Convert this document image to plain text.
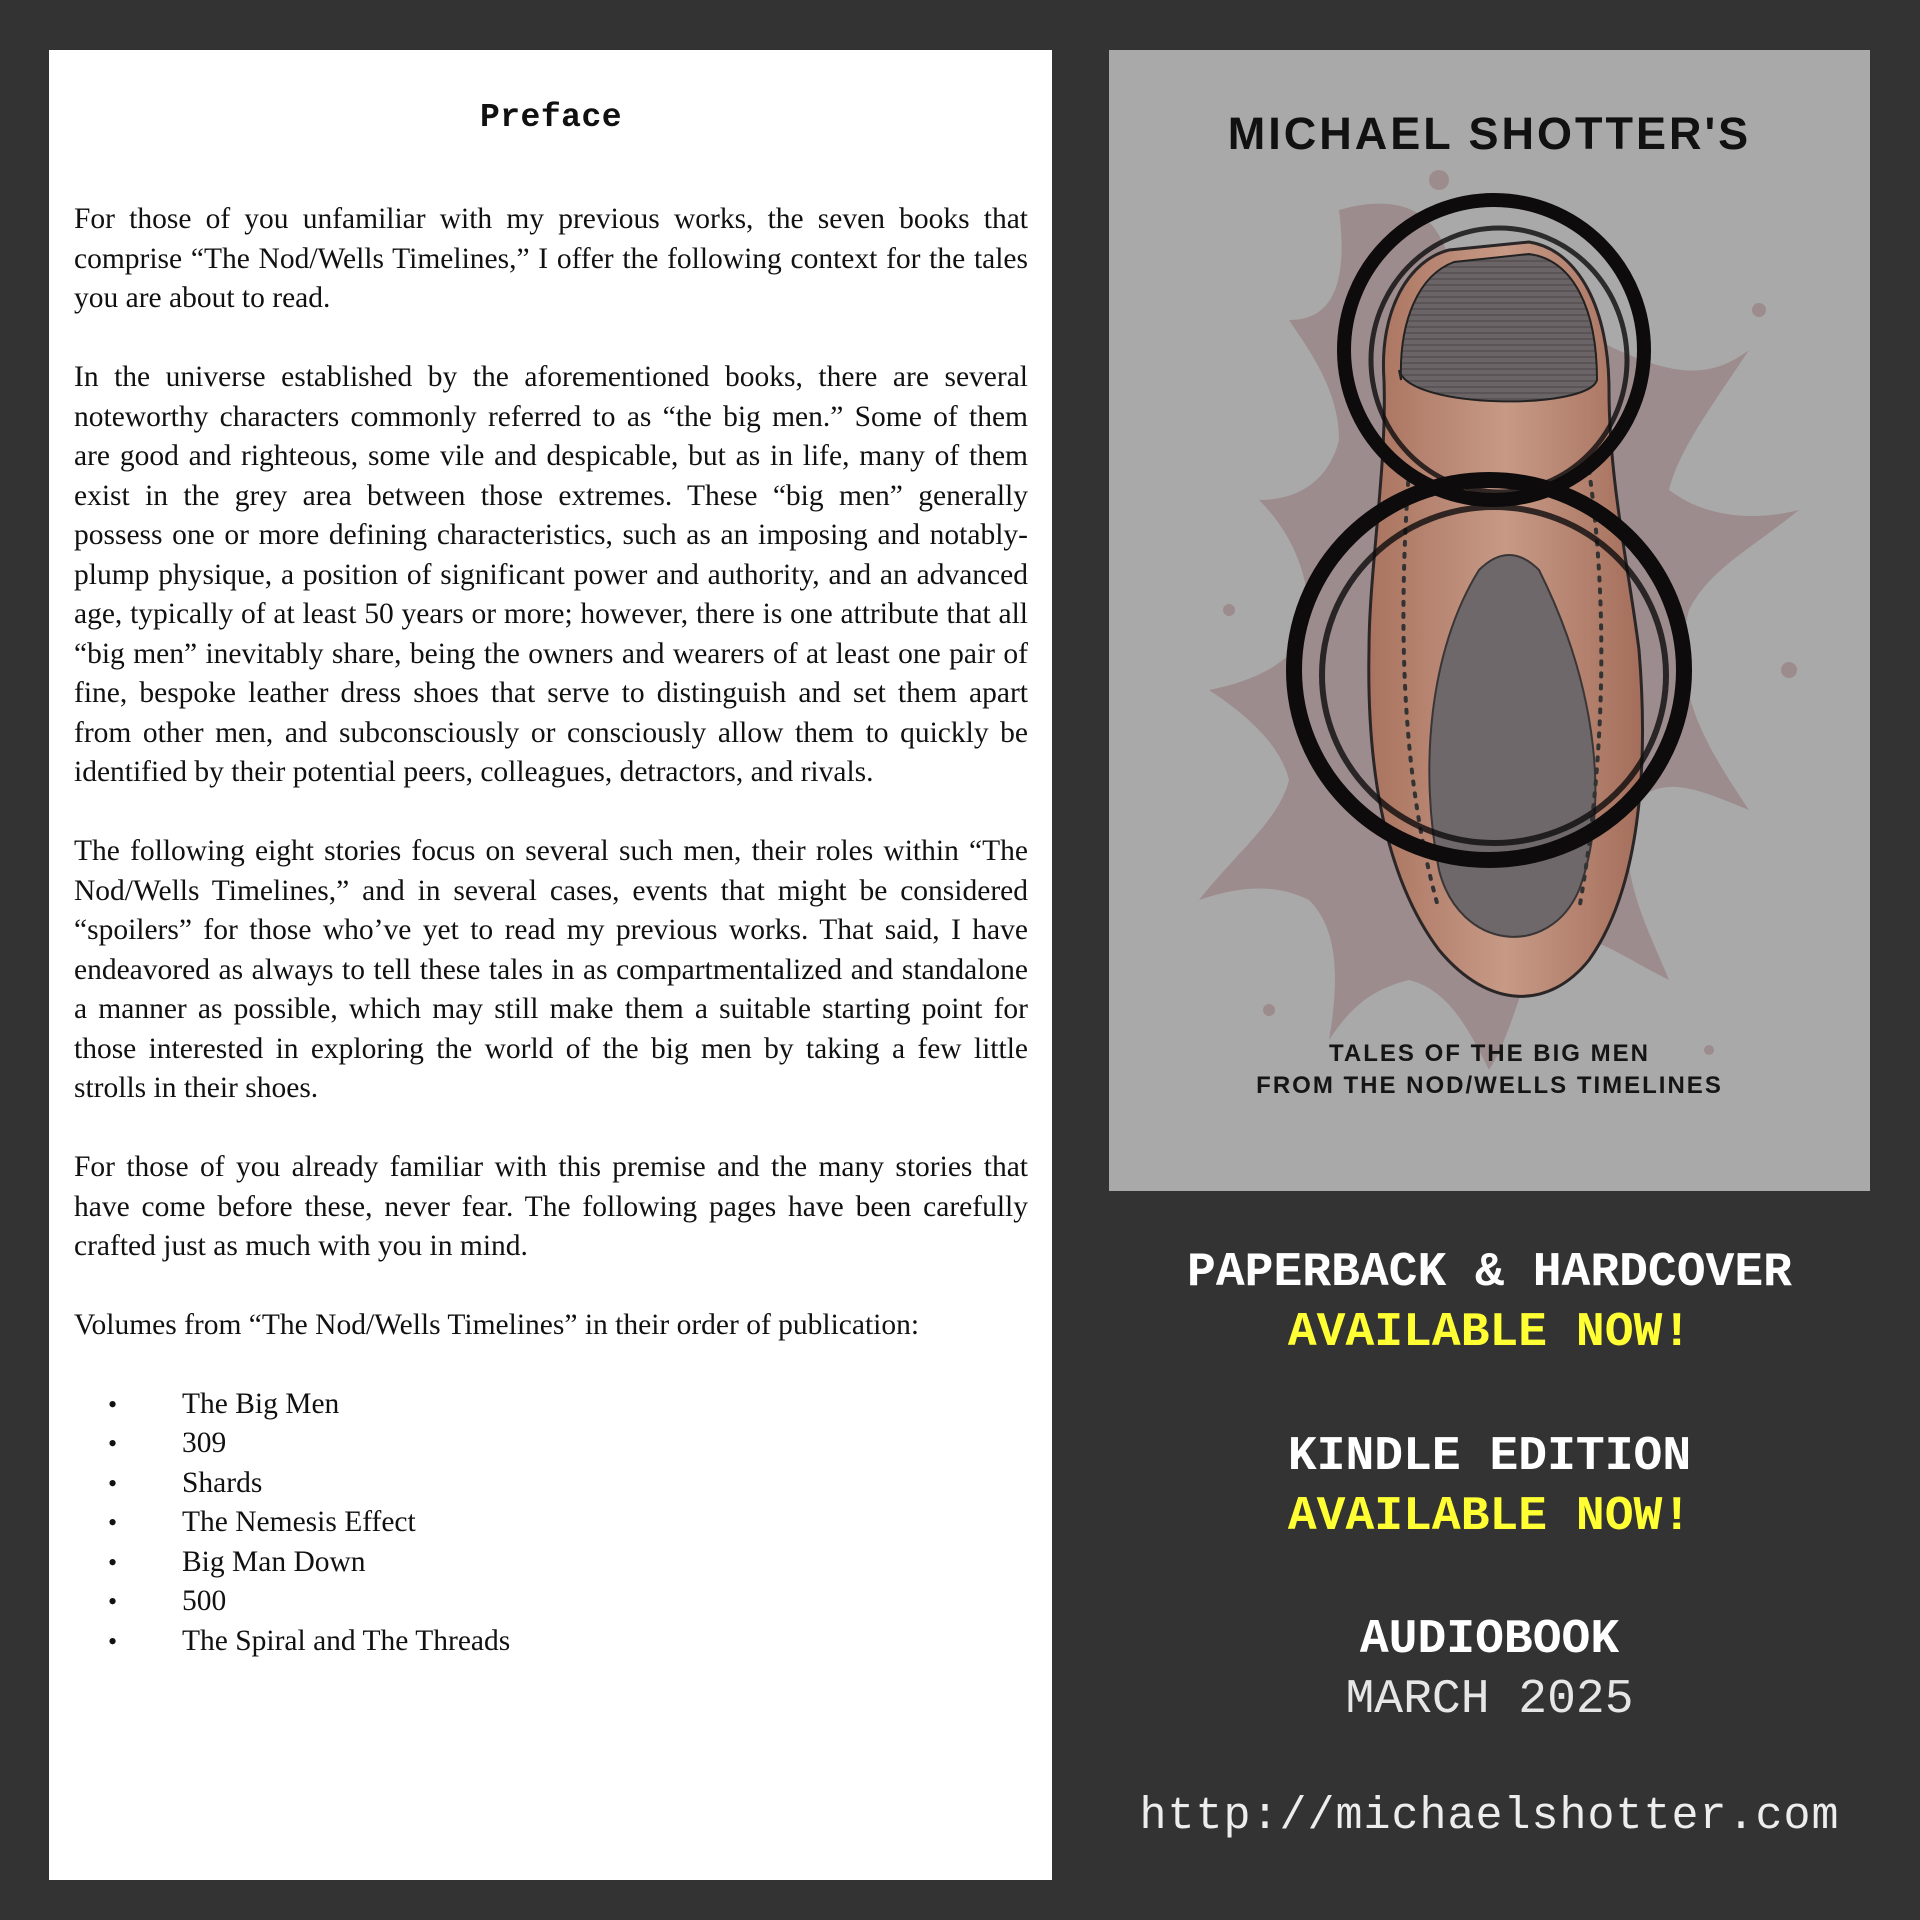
Preface

For those of you unfamiliar with my previous works, the seven books that comprise “The Nod/Wells Timelines,” I offer the following context for the tales you are about to read.

In the universe established by the aforementioned books, there are several noteworthy characters commonly referred to as “the big men.” Some of them are good and righteous, some vile and despicable, but as in life, many of them exist in the grey area between those extremes. These “big men” generally possess one or more defining characteristics, such as an imposing and notably-plump physique, a position of significant power and authority, and an advanced age, typically of at least 50 years or more; however, there is one attribute that all “big men” inevitably share, being the owners and wearers of at least one pair of fine, bespoke leather dress shoes that serve to distinguish and set them apart from other men, and subconsciously or consciously allow them to quickly be identified by their potential peers, colleagues, detractors, and rivals.

The following eight stories focus on several such men, their roles within “The Nod/Wells Timelines,” and in several cases, events that might be considered “spoilers” for those who’ve yet to read my previous works. That said, I have endeavored as always to tell these tales in as compartmentalized and standalone a manner as possible, which may still make them a suitable starting point for those interested in exploring the world of the big men by taking a few little strolls in their shoes.

For those of you already familiar with this premise and the many stories that have come before these, never fear. The following pages have been carefully crafted just as much with you in mind.

Volumes from “The Nod/Wells Timelines” in their order of publication:

• The Big Men
• 309
• Shards
• The Nemesis Effect
• Big Man Down
• 500
• The Spiral and The Threads
MICHAEL SHOTTER'S
TALES OF THE BIG MEN
FROM THE NOD/WELLS TIMELINES
PAPERBACK & HARDCOVER
AVAILABLE NOW!
KINDLE EDITION
AVAILABLE NOW!
AUDIOBOOK
MARCH 2025
http://michaelshotter.com
